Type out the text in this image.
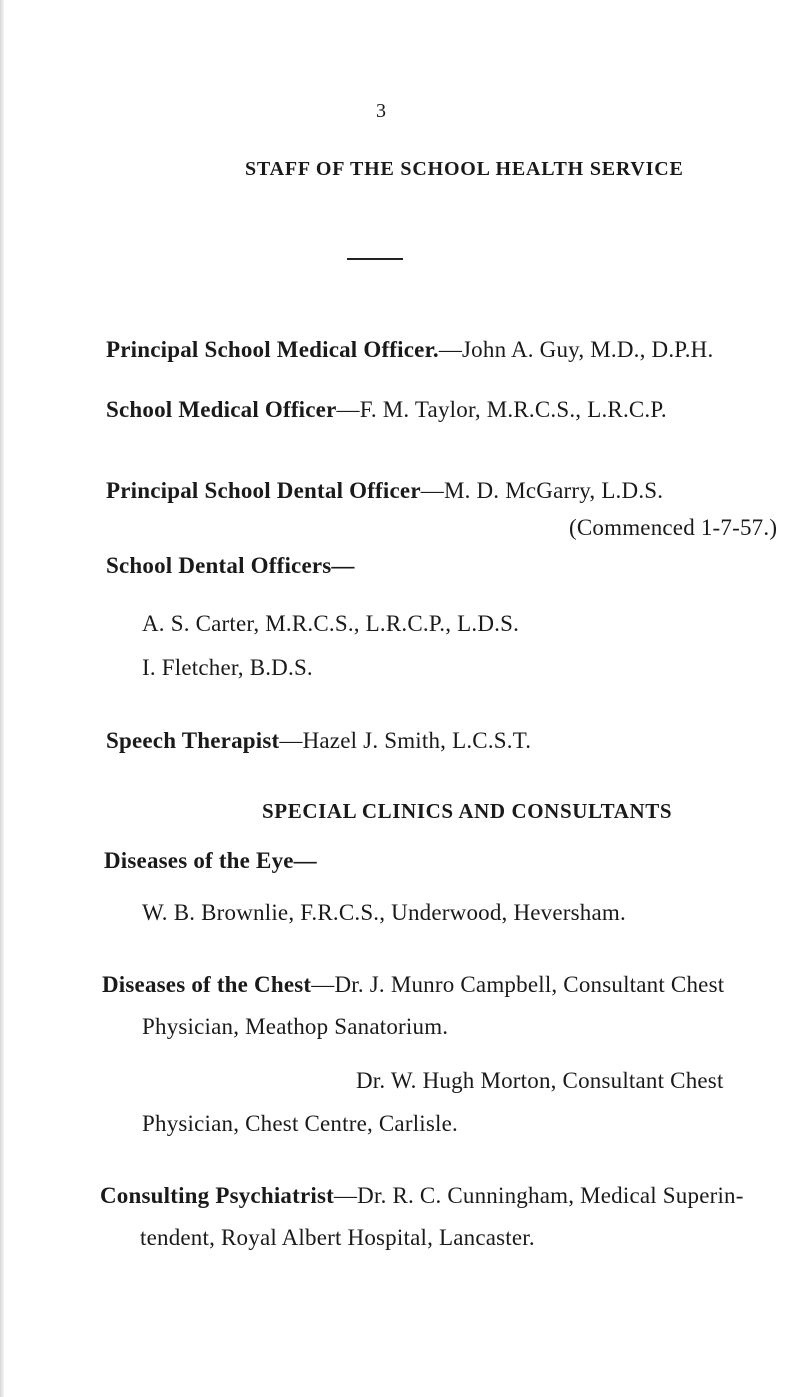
3
STAFF OF THE SCHOOL HEALTH SERVICE
Principal School Medical Officer.—John A. Guy, M.D., D.P.H.
School Medical Officer—F. M. Taylor, M.R.C.S., L.R.C.P.
Principal School Dental Officer—M. D. McGarry, L.D.S.
(Commenced 1-7-57.)
School Dental Officers—
A. S. Carter, M.R.C.S., L.R.C.P., L.D.S.
I. Fletcher, B.D.S.
Speech Therapist—Hazel J. Smith, L.C.S.T.
SPECIAL CLINICS AND CONSULTANTS
Diseases of the Eye—
W. B. Brownlie, F.R.C.S., Underwood, Heversham.
Diseases of the Chest—Dr. J. Munro Campbell, Consultant Chest
Physician, Meathop Sanatorium.
Dr. W. Hugh Morton, Consultant Chest
Physician, Chest Centre, Carlisle.
Consulting Psychiatrist—Dr. R. C. Cunningham, Medical Superin-
tendent, Royal Albert Hospital, Lancaster.
